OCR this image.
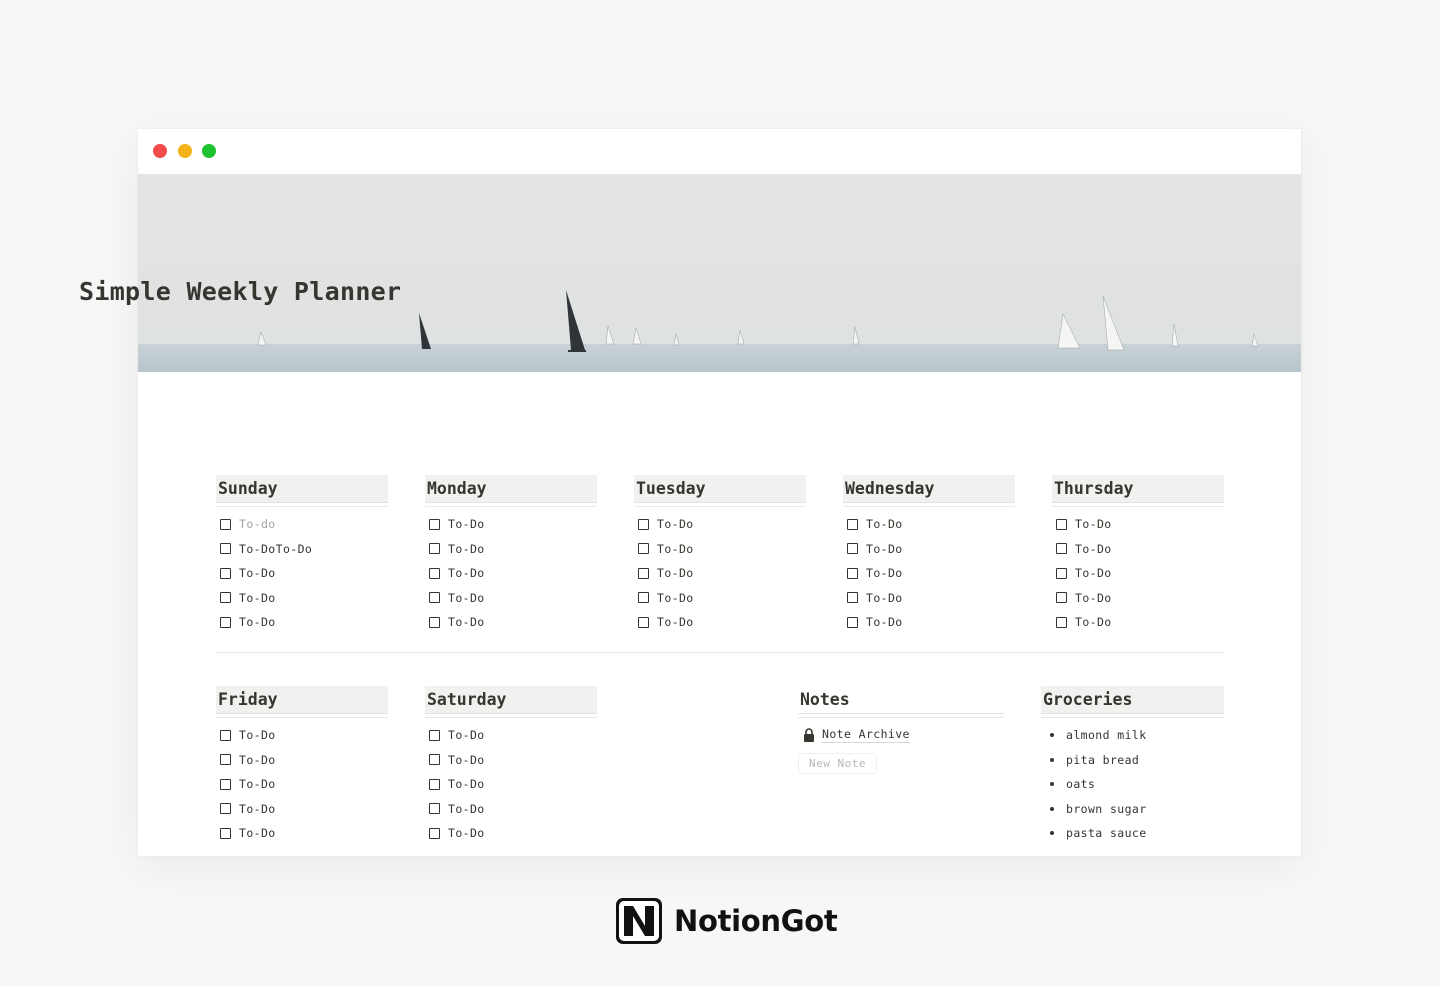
Simple Weekly Planner
Sunday
To-do
To-DoTo-Do
To-Do
To-Do
To-Do
Monday
To-Do
To-Do
To-Do
To-Do
To-Do
Tuesday
To-Do
To-Do
To-Do
To-Do
To-Do
Wednesday
To-Do
To-Do
To-Do
To-Do
To-Do
Thursday
To-Do
To-Do
To-Do
To-Do
To-Do
Friday
To-Do
To-Do
To-Do
To-Do
To-Do
Saturday
To-Do
To-Do
To-Do
To-Do
To-Do
Notes
Note Archive
New Note
Groceries
almond milk
pita bread
oats
brown sugar
pasta sauce
NotionGot
